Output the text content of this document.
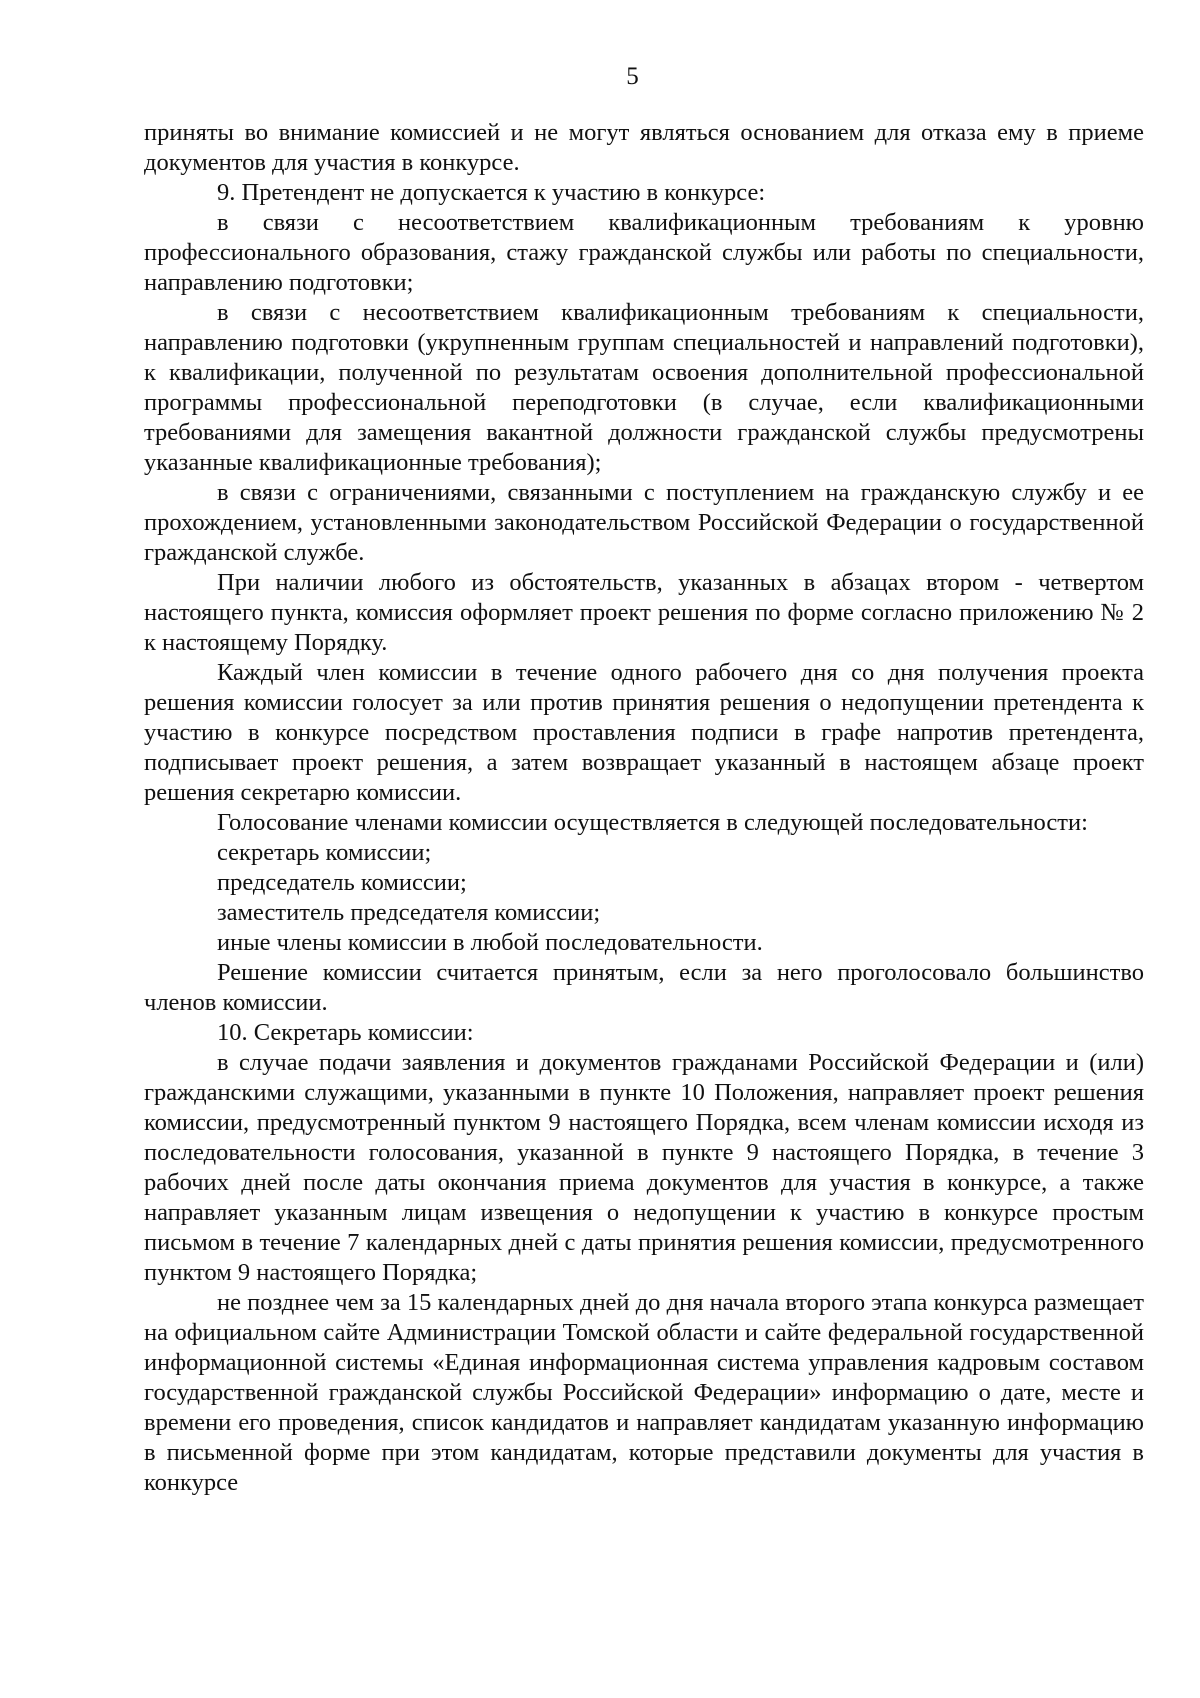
5

приняты во внимание комиссией и не могут являться основанием для отказа ему в приеме документов для участия в конкурсе.

9. Претендент не допускается к участию в конкурсе:

в связи с несоответствием квалификационным требованиям к уровню профессионального образования, стажу гражданской службы или работы по специальности, направлению подготовки;

в связи с несоответствием квалификационным требованиям к специальности, направлению подготовки (укрупненным группам специальностей и направлений подготовки), к квалификации, полученной по результатам освоения дополнительной профессиональной программы профессиональной переподготовки (в случае, если квалификационными требованиями для замещения вакантной должности гражданской службы предусмотрены указанные квалификационные требования);

в связи с ограничениями, связанными с поступлением на гражданскую службу и ее прохождением, установленными законодательством Российской Федерации о государственной гражданской службе.

При наличии любого из обстоятельств, указанных в абзацах втором - четвертом настоящего пункта, комиссия оформляет проект решения по форме согласно приложению № 2 к настоящему Порядку.

Каждый член комиссии в течение одного рабочего дня со дня получения проекта решения комиссии голосует за или против принятия решения о недопущении претендента к участию в конкурсе посредством проставления подписи в графе напротив претендента, подписывает проект решения, а затем возвращает указанный в настоящем абзаце проект решения секретарю комиссии.

Голосование членами комиссии осуществляется в следующей последовательности:

секретарь комиссии;

председатель комиссии;

заместитель председателя комиссии;

иные члены комиссии в любой последовательности.

Решение комиссии считается принятым, если за него проголосовало большинство членов комиссии.

10. Секретарь комиссии:

в случае подачи заявления и документов гражданами Российской Федерации и (или) гражданскими служащими, указанными в пункте 10 Положения, направляет проект решения комиссии, предусмотренный пунктом 9 настоящего Порядка, всем членам комиссии исходя из последовательности голосования, указанной в пункте 9 настоящего Порядка, в течение 3 рабочих дней после даты окончания приема документов для участия в конкурсе, а также направляет указанным лицам извещения о недопущении к участию в конкурсе простым письмом в течение 7 календарных дней с даты принятия решения комиссии, предусмотренного пунктом 9 настоящего Порядка;

не позднее чем за 15 календарных дней до дня начала второго этапа конкурса размещает на официальном сайте Администрации Томской области и сайте федеральной государственной информационной системы «Единая информационная система управления кадровым составом государственной гражданской службы Российской Федерации» информацию о дате, месте и времени его проведения, список кандидатов и направляет кандидатам указанную информацию в письменной форме при этом кандидатам, которые представили документы для участия в конкурсе
